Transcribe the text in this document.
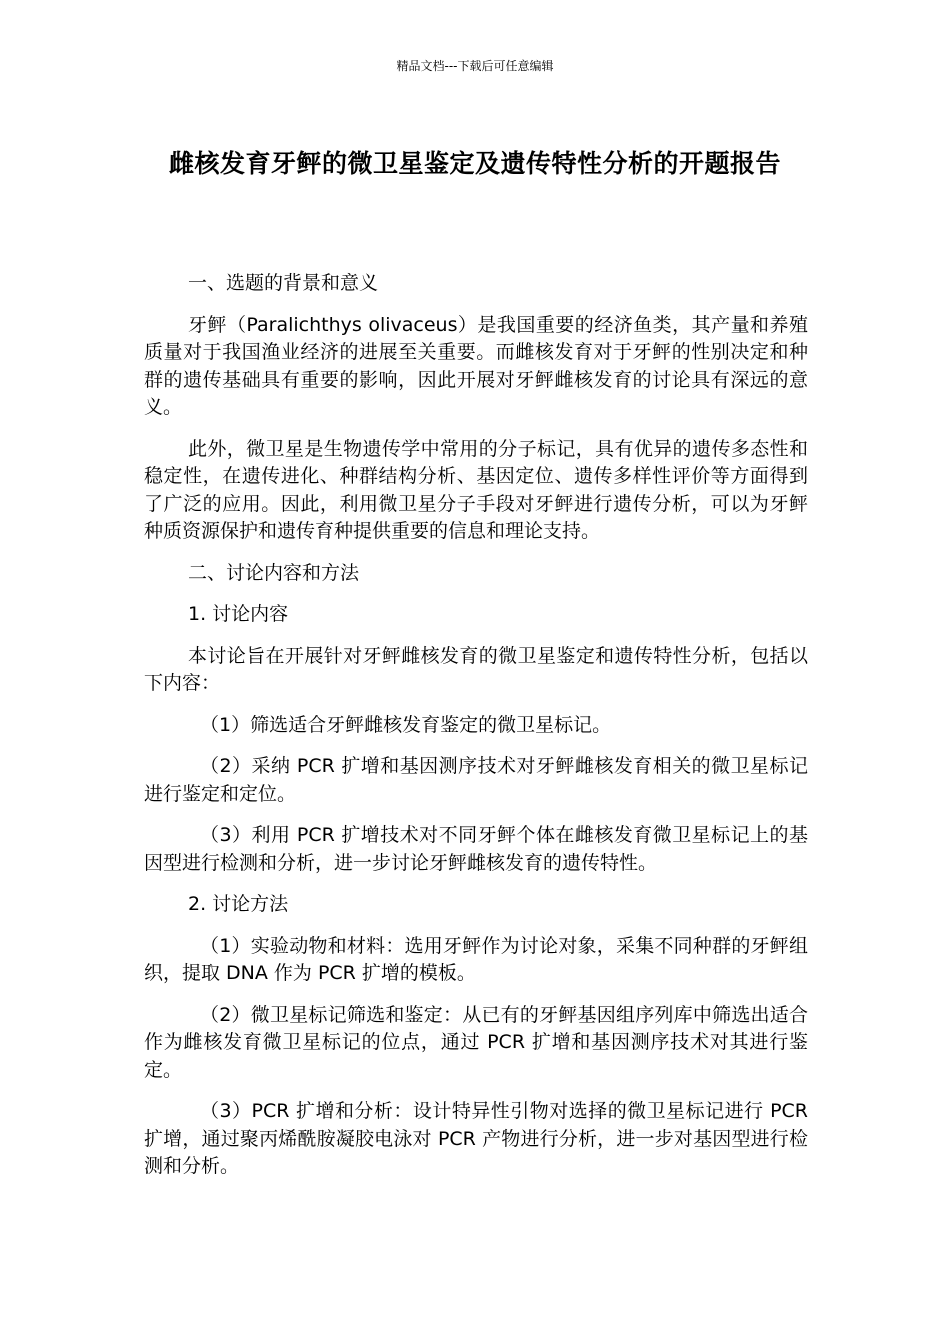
精品文档---下载后可任意编辑
雌核发育牙鲆的微卫星鉴定及遗传特性分析的开题报告

一、选题的背景和意义

牙鲆（Paralichthys olivaceus）是我国重要的经济鱼类，其产量和养殖质量对于我国渔业经济的进展至关重要。而雌核发育对于牙鲆的性别决定和种群的遗传基础具有重要的影响，因此开展对牙鲆雌核发育的讨论具有深远的意义。

此外，微卫星是生物遗传学中常用的分子标记，具有优异的遗传多态性和稳定性，在遗传进化、种群结构分析、基因定位、遗传多样性评价等方面得到了广泛的应用。因此，利用微卫星分子手段对牙鲆进行遗传分析，可以为牙鲆种质资源保护和遗传育种提供重要的信息和理论支持。

二、讨论内容和方法

1. 讨论内容

本讨论旨在开展针对牙鲆雌核发育的微卫星鉴定和遗传特性分析，包括以下内容：

（1）筛选适合牙鲆雌核发育鉴定的微卫星标记。

（2）采纳 PCR 扩增和基因测序技术对牙鲆雌核发育相关的微卫星标记进行鉴定和定位。

（3）利用 PCR 扩增技术对不同牙鲆个体在雌核发育微卫星标记上的基因型进行检测和分析，进一步讨论牙鲆雌核发育的遗传特性。

2. 讨论方法

（1）实验动物和材料：选用牙鲆作为讨论对象，采集不同种群的牙鲆组织，提取 DNA 作为 PCR 扩增的模板。

（2）微卫星标记筛选和鉴定：从已有的牙鲆基因组序列库中筛选出适合作为雌核发育微卫星标记的位点，通过 PCR 扩增和基因测序技术对其进行鉴定。

（3）PCR 扩增和分析：设计特异性引物对选择的微卫星标记进行 PCR 扩增，通过聚丙烯酰胺凝胶电泳对 PCR 产物进行分析，进一步对基因型进行检测和分析。
